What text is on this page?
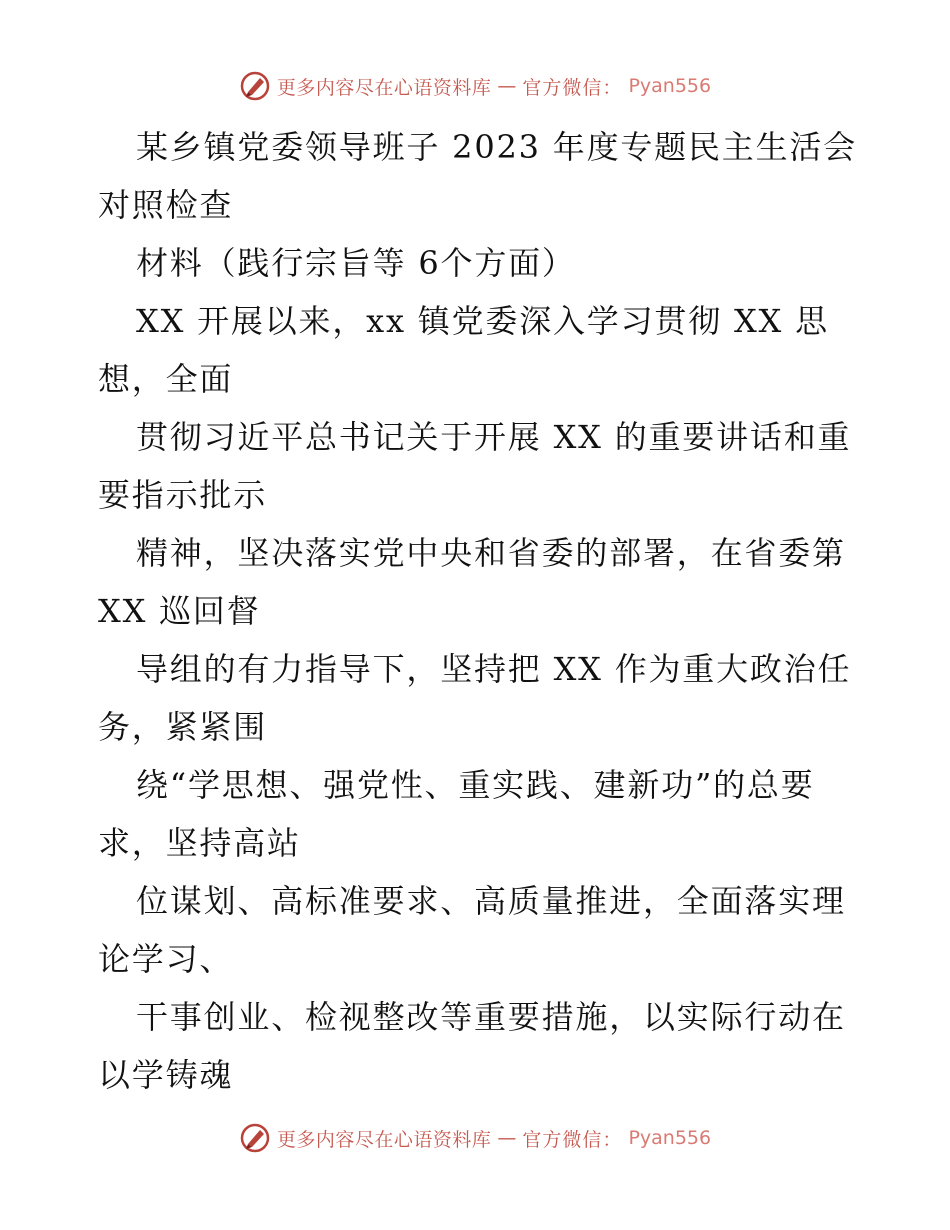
更多内容尽在心语资料库 — 官方微信： Pyan556
某乡镇党委领导班子 2023 年度专题民主生活会
对照检查
材料（践行宗旨等 6个方面）
XX 开展以来，xx 镇党委深入学习贯彻 XX 思
想，全面
贯彻习近平总书记关于开展 XX 的重要讲话和重
要指示批示
精神，坚决落实党中央和省委的部署，在省委第
XX 巡回督
导组的有力指导下，坚持把 XX 作为重大政治任
务，紧紧围
绕“学思想、强党性、重实践、建新功”的总要
求，坚持高站
位谋划、高标准要求、高质量推进，全面落实理
论学习、
干事创业、检视整改等重要措施，以实际行动在
以学铸魂
更多内容尽在心语资料库 — 官方微信： Pyan556
